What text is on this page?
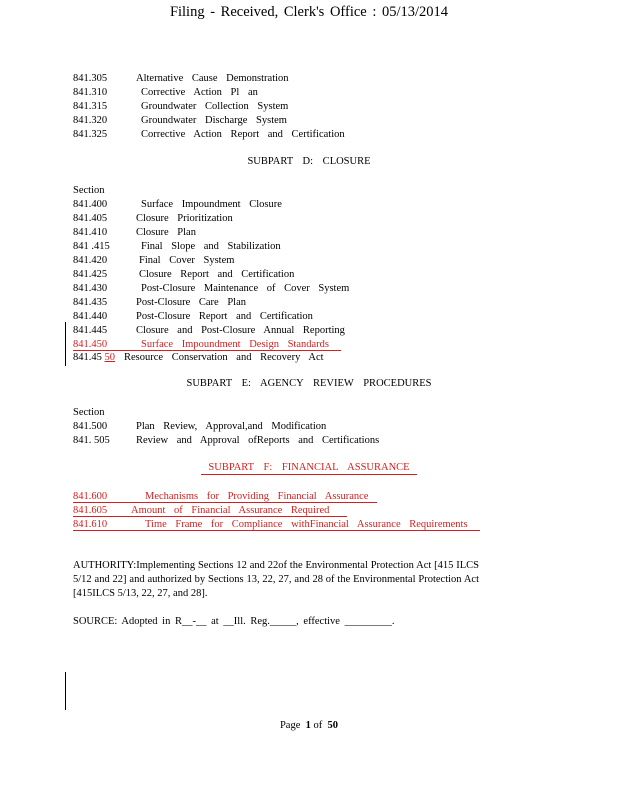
Filing - Received, Clerk's Office : 05/13/2014
841.305	Alternative Cause Demonstration
841.310	Corrective Action Pl an
841.315	Groundwater Collection System
841.320	Groundwater Discharge System
841.325	Corrective Action Report and Certification
SUBPART D: CLOSURE
Section
841.400	Surface Impoundment Closure
841.405	Closure Prioritization
841.410	Closure Plan
841 .415	Final Slope and Stabilization
841.420	Final Cover System
841.425	Closure Report and Certification
841.430	Post-Closure Maintenance of Cover System
841.435	Post-Closure Care Plan
841.440	Post-Closure Report and Certification
841.445	Closure and Post-Closure Annual Reporting
841.450	Surface Impoundment Design Standards
841.45 50 Resource Conservation and Recovery Act
SUBPART E: AGENCY REVIEW PROCEDURES
Section
841.500	Plan Review, Approval,and Modification
841. 505	Review and Approval ofReports and Certifications
SUBPART F: FINANCIAL ASSURANCE
841.600	Mechanisms for Providing Financial Assurance
841.605 Amount of Financial Assurance Required
841.610	Time Frame for Compliance withFinancial Assurance Requirements
AUTHORITY:Implementing Sections 12 and 22of the Environmental Protection Act [415 ILCS 5/12 and 22] and authorized by Sections 13, 22, 27, and 28 of the Environmental Protection Act [415ILCS 5/13, 22, 27, and 28].
SOURCE: Adopted in R__-__ at __Ill. Reg._____, effective _________.
Page 1 of 50
